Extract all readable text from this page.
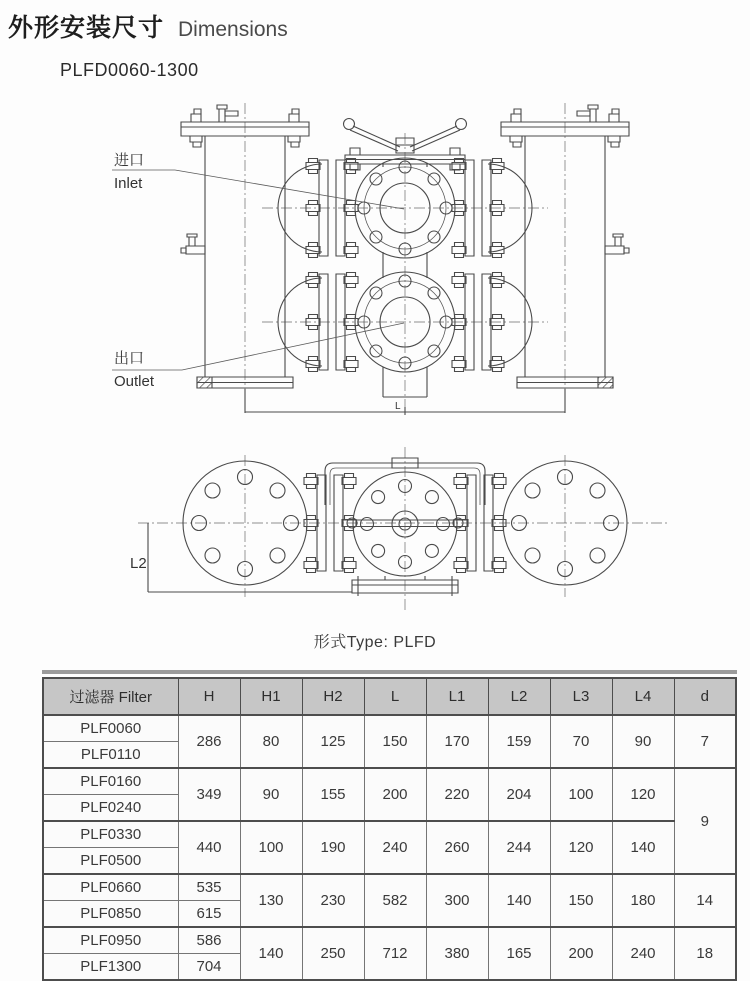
外形安装尺寸 Dimensions
PLFD0060-1300
L
进口
Inlet
出口
Outlet
L2
形式Type: PLFD
过滤器 Filter	H	H1	H2	L	L1	L2	L3	L4	d
PLF0060	286	80	125	150	170	159	70	90	7
PLF0110									
PLF0160	349	90	155	200	220	204	100	120	9
PLF0240									
PLF0330	440	100	190	240	260	244	120	140	
PLF0500									
PLF0660	535	130	230	582	300	140	150	180	14
PLF0850	615								
PLF0950	586	140	250	712	380	165	200	240	18
PLF1300	704								
